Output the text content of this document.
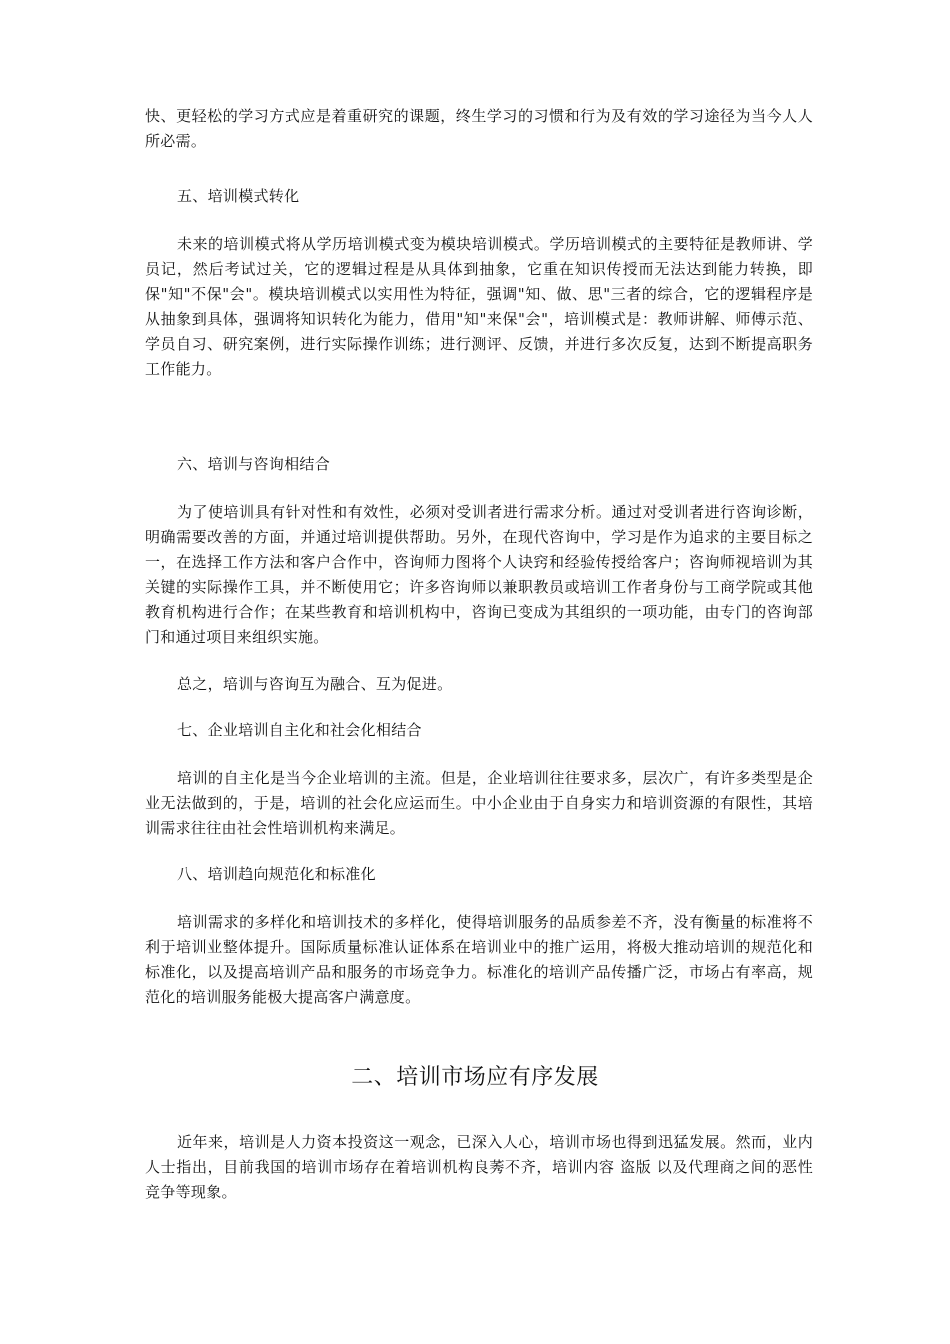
快、更轻松的学习方式应是着重研究的课题，终生学习的习惯和行为及有效的学习途径为当今人人所必需。

五、培训模式转化

未来的培训模式将从学历培训模式变为模块培训模式。学历培训模式的主要特征是教师讲、学员记，然后考试过关，它的逻辑过程是从具体到抽象，它重在知识传授而无法达到能力转换，即保"知"不保"会"。模块培训模式以实用性为特征，强调"知、做、思"三者的综合，它的逻辑程序是从抽象到具体，强调将知识转化为能力，借用"知"来保"会"，培训模式是：教师讲解、师傅示范、学员自习、研究案例，进行实际操作训练；进行测评、反馈，并进行多次反复，达到不断提高职务工作能力。

六、培训与咨询相结合

为了使培训具有针对性和有效性，必须对受训者进行需求分析。通过对受训者进行咨询诊断，明确需要改善的方面，并通过培训提供帮助。另外，在现代咨询中，学习是作为追求的主要目标之一，在选择工作方法和客户合作中，咨询师力图将个人诀窍和经验传授给客户；咨询师视培训为其关键的实际操作工具，并不断使用它；许多咨询师以兼职教员或培训工作者身份与工商学院或其他教育机构进行合作；在某些教育和培训机构中，咨询已变成为其组织的一项功能，由专门的咨询部门和通过项目来组织实施。

总之，培训与咨询互为融合、互为促进。

七、企业培训自主化和社会化相结合

培训的自主化是当今企业培训的主流。但是，企业培训往往要求多，层次广，有许多类型是企业无法做到的，于是，培训的社会化应运而生。中小企业由于自身实力和培训资源的有限性，其培训需求往往由社会性培训机构来满足。

八、培训趋向规范化和标准化

培训需求的多样化和培训技术的多样化，使得培训服务的品质参差不齐，没有衡量的标准将不利于培训业整体提升。国际质量标准认证体系在培训业中的推广运用，将极大推动培训的规范化和标准化，以及提高培训产品和服务的市场竞争力。标准化的培训产品传播广泛，市场占有率高，规范化的培训服务能极大提高客户满意度。

二、培训市场应有序发展

近年来，培训是人力资本投资这一观念，已深入人心，培训市场也得到迅猛发展。然而，业内人士指出，目前我国的培训市场存在着培训机构良莠不齐，培训内容 盗版 以及代理商之间的恶性竞争等现象。
